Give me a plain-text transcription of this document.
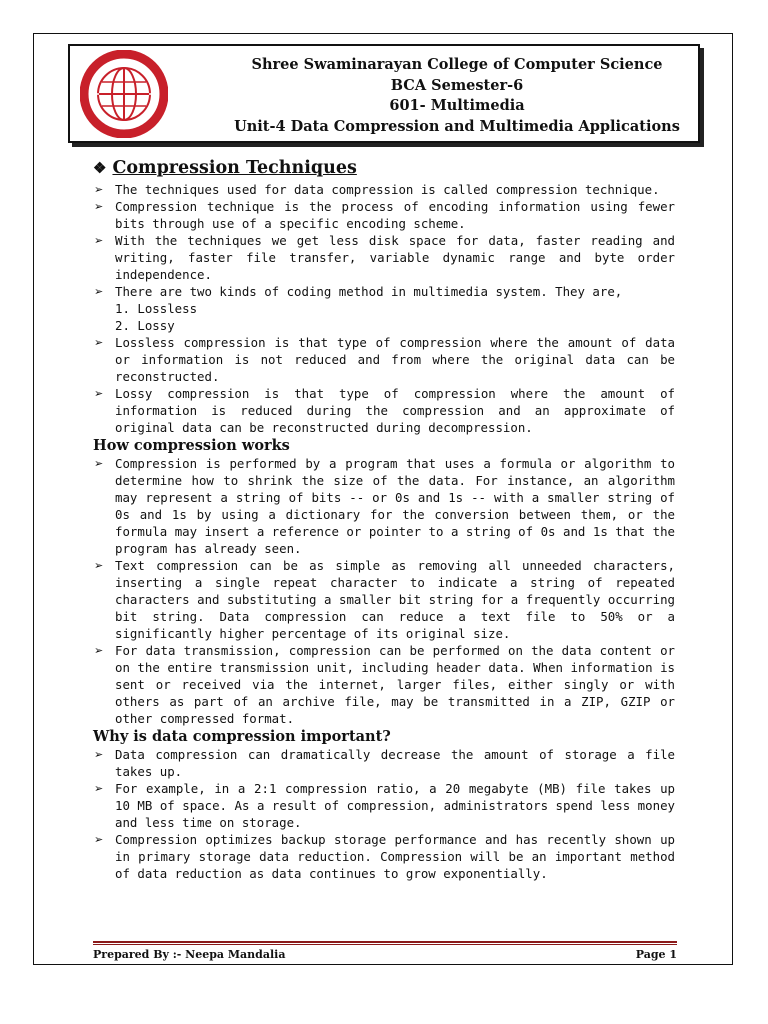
Shree Swaminarayan College of Computer Science
BCA Semester-6
601- Multimedia
Unit-4 Data Compression and Multimedia Applications
❖ Compression Techniques
➢ The techniques used for data compression is called compression technique.
➢ Compression technique is the process of encoding information using fewer bits through use of a specific encoding scheme.
➢ With the techniques we get less disk space for data, faster reading and writing, faster file transfer, variable dynamic range and byte order independence.
➢ There are two kinds of coding method in multimedia system. They are,
1. Lossless
2. Lossy
➢ Lossless compression is that type of compression where the amount of data or information is not reduced and from where the original data can be reconstructed.
➢ Lossy compression is that type of compression where the amount of information is reduced during the compression and an approximate of original data can be reconstructed during decompression.
How compression works
➢ Compression is performed by a program that uses a formula or algorithm to determine how to shrink the size of the data. For instance, an algorithm may represent a string of bits -- or 0s and 1s -- with a smaller string of 0s and 1s by using a dictionary for the conversion between them, or the formula may insert a reference or pointer to a string of 0s and 1s that the program has already seen.
➢ Text compression can be as simple as removing all unneeded characters, inserting a single repeat character to indicate a string of repeated characters and substituting a smaller bit string for a frequently occurring bit string. Data compression can reduce a text file to 50% or a significantly higher percentage of its original size.
➢ For data transmission, compression can be performed on the data content or on the entire transmission unit, including header data. When information is sent or received via the internet, larger files, either singly or with others as part of an archive file, may be transmitted in a ZIP, GZIP or other compressed format.
Why is data compression important?
➢ Data compression can dramatically decrease the amount of storage a file takes up.
➢ For example, in a 2:1 compression ratio, a 20 megabyte (MB) file takes up 10 MB of space. As a result of compression, administrators spend less money and less time on storage.
➢ Compression optimizes backup storage performance and has recently shown up in primary storage data reduction. Compression will be an important method of data reduction as data continues to grow exponentially.
Prepared By :- Neepa Mandalia	Page 1
